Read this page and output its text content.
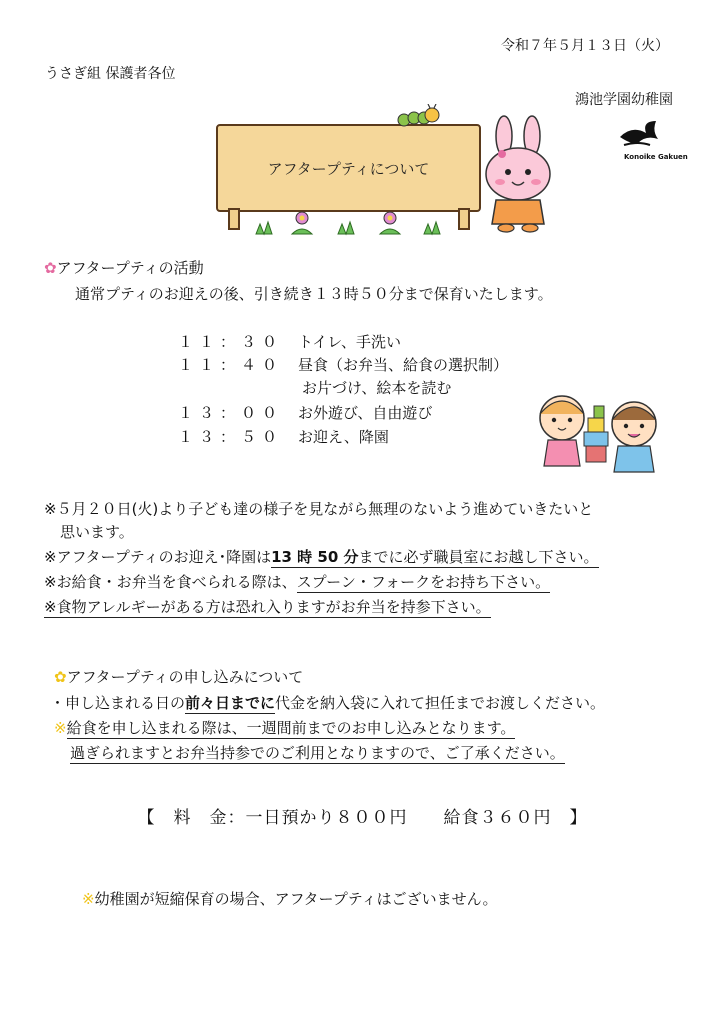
令和７年５月１３日（火）
うさぎ組 保護者各位
鴻池学園幼稚園
Konoike Gakuen
アフタープティについて
✿アフタープティの活動
通常プティのお迎えの後、引き続き１３時５０分まで保育いたします。
１１：３０ トイレ、手洗い
１１：４０ 昼食（お弁当、給食の選択制）
お片づけ、絵本を読む
１３：００ お外遊び、自由遊び
１３：５０ お迎え、降園
※５月２０日(火)より子ども達の様子を見ながら無理のないよう進めていきたいと
思います。
※アフタープティのお迎え･降園は13 時 50 分までに必ず職員室にお越し下さい。
※お給食・お弁当を食べられる際は、スプーン・フォークをお持ち下さい。
※食物アレルギーがある方は恐れ入りますがお弁当を持参下さい。
✿アフタープティの申し込みについて
・申し込まれる日の前々日までに代金を納入袋に入れて担任までお渡しください。
※給食を申し込まれる際は、一週間前までのお申し込みとなります。
過ぎられますとお弁当持参でのご利用となりますので、ご了承ください。
【　料　金：一日預かり８００円　　給食３６０円　】
※幼稚園が短縮保育の場合、アフタープティはございません。
